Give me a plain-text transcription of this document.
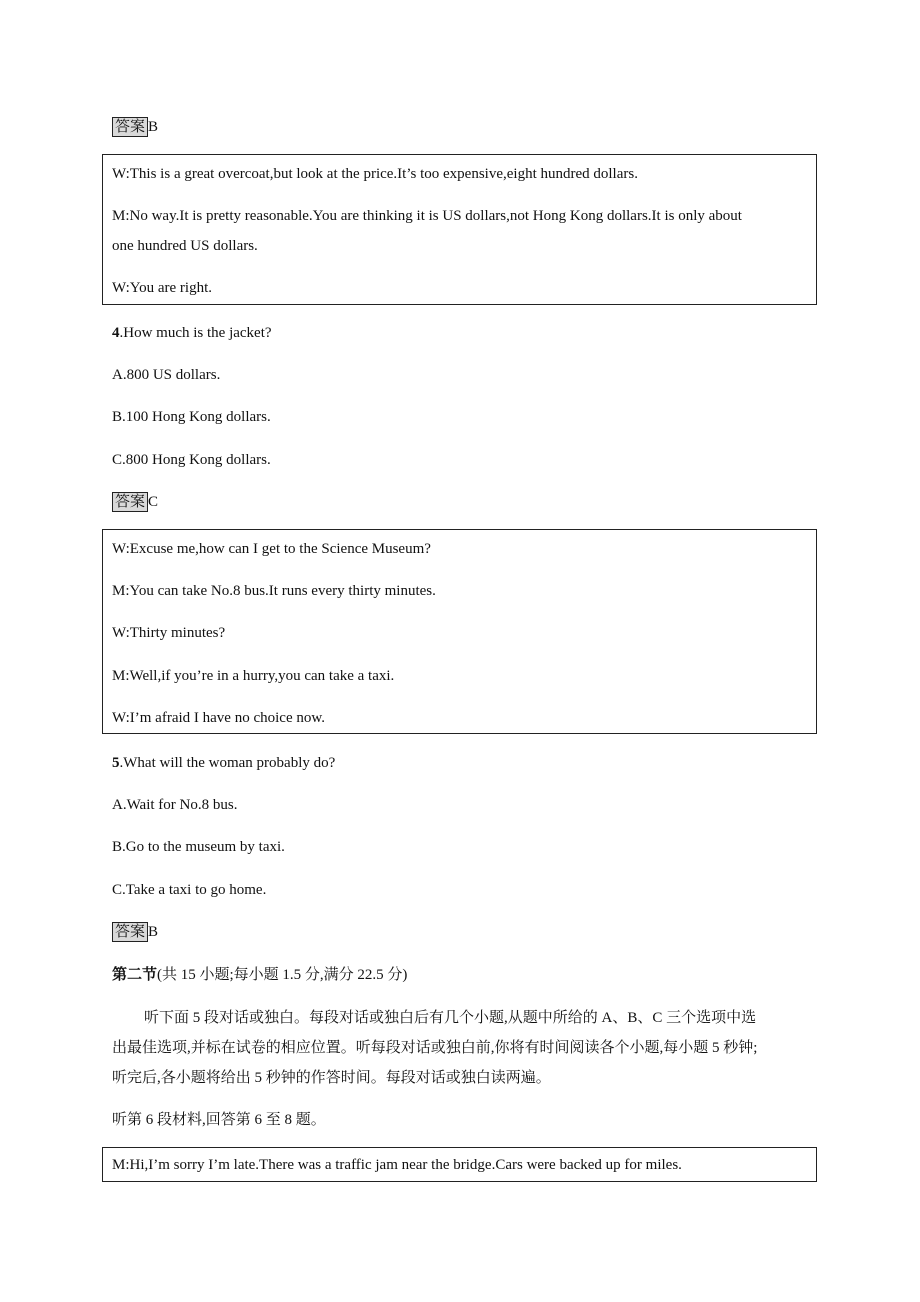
答案 B
W:This is a great overcoat,but look at the price.It’s too expensive,eight hundred dollars.
M:No way.It is pretty reasonable.You are thinking it is US dollars,not Hong Kong dollars.It is only about
one hundred US dollars.
W:You are right.
4.How much is the jacket?
A.800 US dollars.
B.100 Hong Kong dollars.
C.800 Hong Kong dollars.
答案 C
W:Excuse me,how can I get to the Science Museum?
M:You can take No.8 bus.It runs every thirty minutes.
W:Thirty minutes?
M:Well,if you’re in a hurry,you can take a taxi.
W:I’m afraid I have no choice now.
5.What will the woman probably do?
A.Wait for No.8 bus.
B.Go to the museum by taxi.
C.Take a taxi to go home.
答案 B
第二节(共 15 小题;每小题 1.5 分,满分 22.5 分)
听下面 5 段对话或独白。每段对话或独白后有几个小题,从题中所给的 A、B、C 三个选项中选
出最佳选项,并标在试卷的相应位置。听每段对话或独白前,你将有时间阅读各个小题,每小题 5 秒钟;
听完后,各小题将给出 5 秒钟的作答时间。每段对话或独白读两遍。
听第 6 段材料,回答第 6 至 8 题。
M:Hi,I’m sorry I’m late.There was a traffic jam near the bridge.Cars were backed up for miles.
